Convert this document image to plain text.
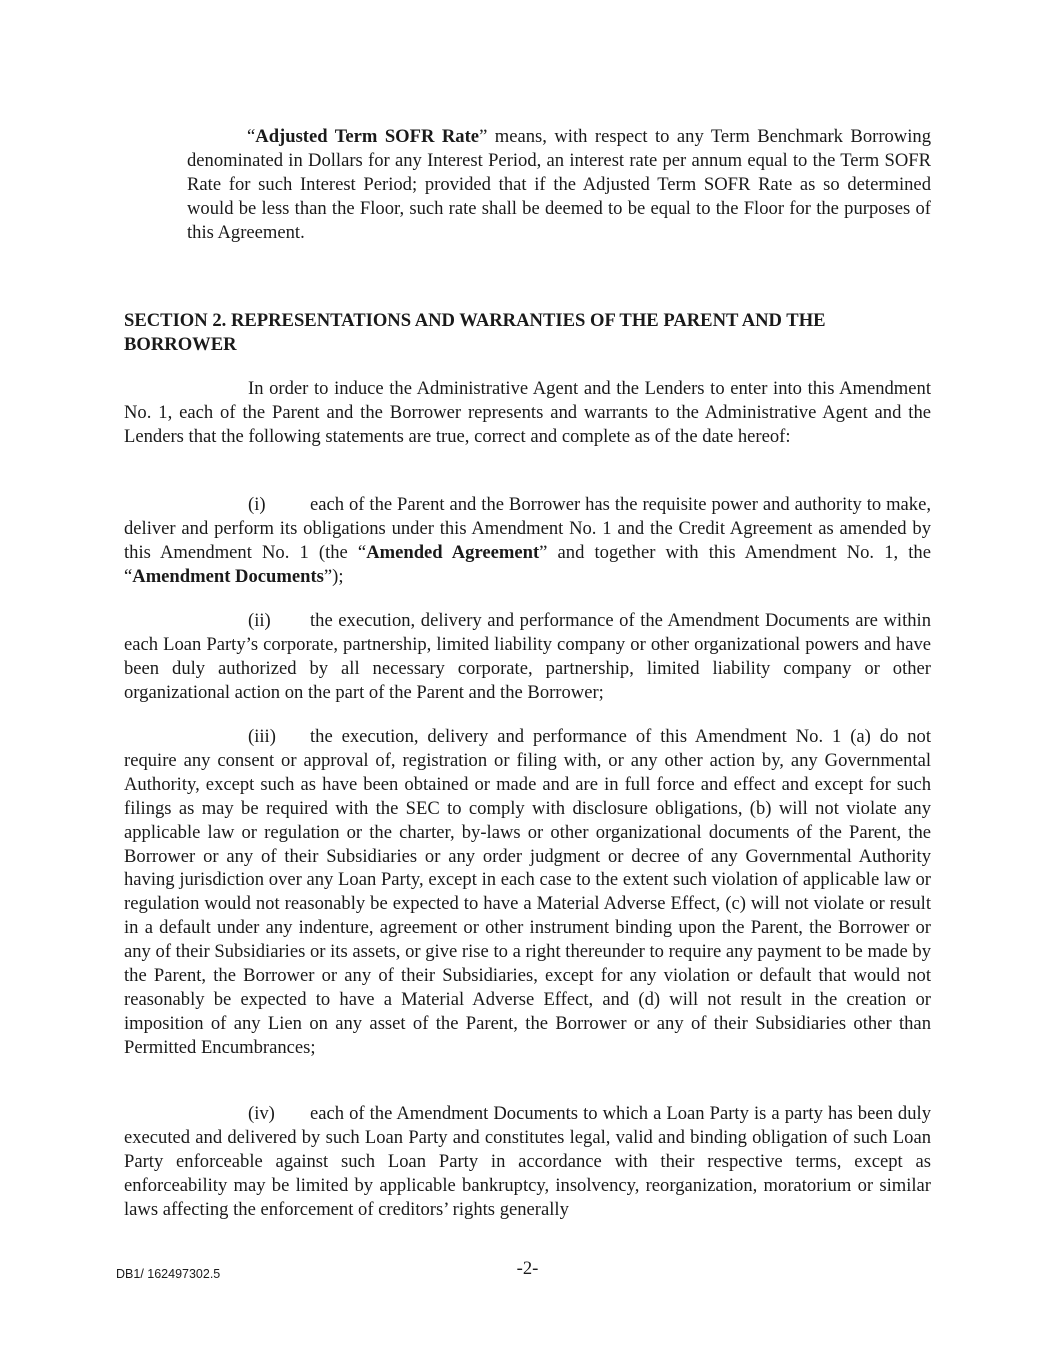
“Adjusted Term SOFR Rate” means, with respect to any Term Benchmark Borrowing denominated in Dollars for any Interest Period, an interest rate per annum equal to the Term SOFR Rate for such Interest Period; provided that if the Adjusted Term SOFR Rate as so determined would be less than the Floor, such rate shall be deemed to be equal to the Floor for the purposes of this Agreement.

SECTION 2. REPRESENTATIONS AND WARRANTIES OF THE PARENT AND THE BORROWER

In order to induce the Administrative Agent and the Lenders to enter into this Amendment No. 1, each of the Parent and the Borrower represents and warrants to the Administrative Agent and the Lenders that the following statements are true, correct and complete as of the date hereof:

(i) each of the Parent and the Borrower has the requisite power and authority to make, deliver and perform its obligations under this Amendment No. 1 and the Credit Agreement as amended by this Amendment No. 1 (the “Amended Agreement” and together with this Amendment No. 1, the “Amendment Documents”);

(ii) the execution, delivery and performance of the Amendment Documents are within each Loan Party’s corporate, partnership, limited liability company or other organizational powers and have been duly authorized by all necessary corporate, partnership, limited liability company or other organizational action on the part of the Parent and the Borrower;

(iii) the execution, delivery and performance of this Amendment No. 1 (a) do not require any consent or approval of, registration or filing with, or any other action by, any Governmental Authority, except such as have been obtained or made and are in full force and effect and except for such filings as may be required with the SEC to comply with disclosure obligations, (b) will not violate any applicable law or regulation or the charter, by-laws or other organizational documents of the Parent, the Borrower or any of their Subsidiaries or any order judgment or decree of any Governmental Authority having jurisdiction over any Loan Party, except in each case to the extent such violation of applicable law or regulation would not reasonably be expected to have a Material Adverse Effect, (c) will not violate or result in a default under any indenture, agreement or other instrument binding upon the Parent, the Borrower or any of their Subsidiaries or its assets, or give rise to a right thereunder to require any payment to be made by the Parent, the Borrower or any of their Subsidiaries, except for any violation or default that would not reasonably be expected to have a Material Adverse Effect, and (d) will not result in the creation or imposition of any Lien on any asset of the Parent, the Borrower or any of their Subsidiaries other than Permitted Encumbrances;

(iv) each of the Amendment Documents to which a Loan Party is a party has been duly executed and delivered by such Loan Party and constitutes legal, valid and binding obligation of such Loan Party enforceable against such Loan Party in accordance with their respective terms, except as enforceability may be limited by applicable bankruptcy, insolvency, reorganization, moratorium or similar laws affecting the enforcement of creditors’ rights generally

DB1/ 162497302.5	-2-
